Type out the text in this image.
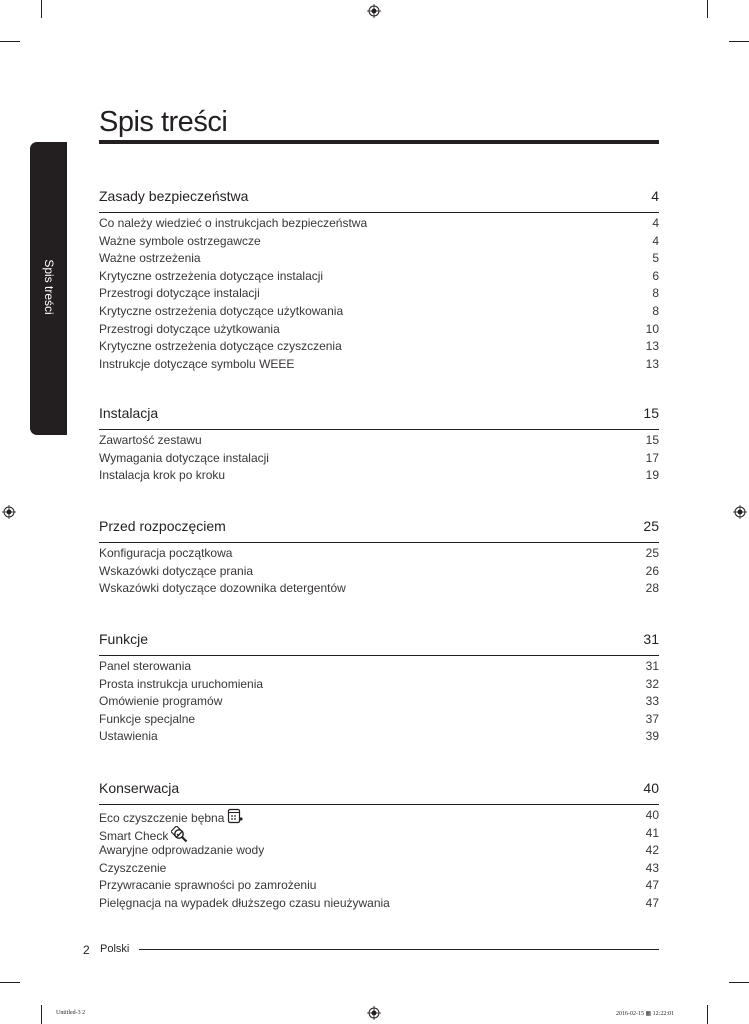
Spis treści
Spis treści
Zasady bezpieczeństwa	4
Co należy wiedzieć o instrukcjach bezpieczeństwa	4
Ważne symbole ostrzegawcze	4
Ważne ostrzeżenia	5
Krytyczne ostrzeżenia dotyczące instalacji	6
Przestrogi dotyczące instalacji	8
Krytyczne ostrzeżenia dotyczące użytkowania	8
Przestrogi dotyczące użytkowania	10
Krytyczne ostrzeżenia dotyczące czyszczenia	13
Instrukcje dotyczące symbolu WEEE	13
Instalacja	15
Zawartość zestawu	15
Wymagania dotyczące instalacji	17
Instalacja krok po kroku	19
Przed rozpoczęciem	25
Konfiguracja początkowa	25
Wskazówki dotyczące prania	26
Wskazówki dotyczące dozownika detergentów	28
Funkcje	31
Panel sterowania	31
Prosta instrukcja uruchomienia	32
Omówienie programów	33
Funkcje specjalne	37
Ustawienia	39
Konserwacja	40
Eco czyszczenie bębna	40
Smart Check	41
Awaryjne odprowadzanie wody	42
Czyszczenie	43
Przywracanie sprawności po zamrożeniu	47
Pielęgnacja na wypadek dłuższego czasu nieużywania	47
2 Polski
Untitled-3 2	2016-02-15 ▦ 12:22:01
